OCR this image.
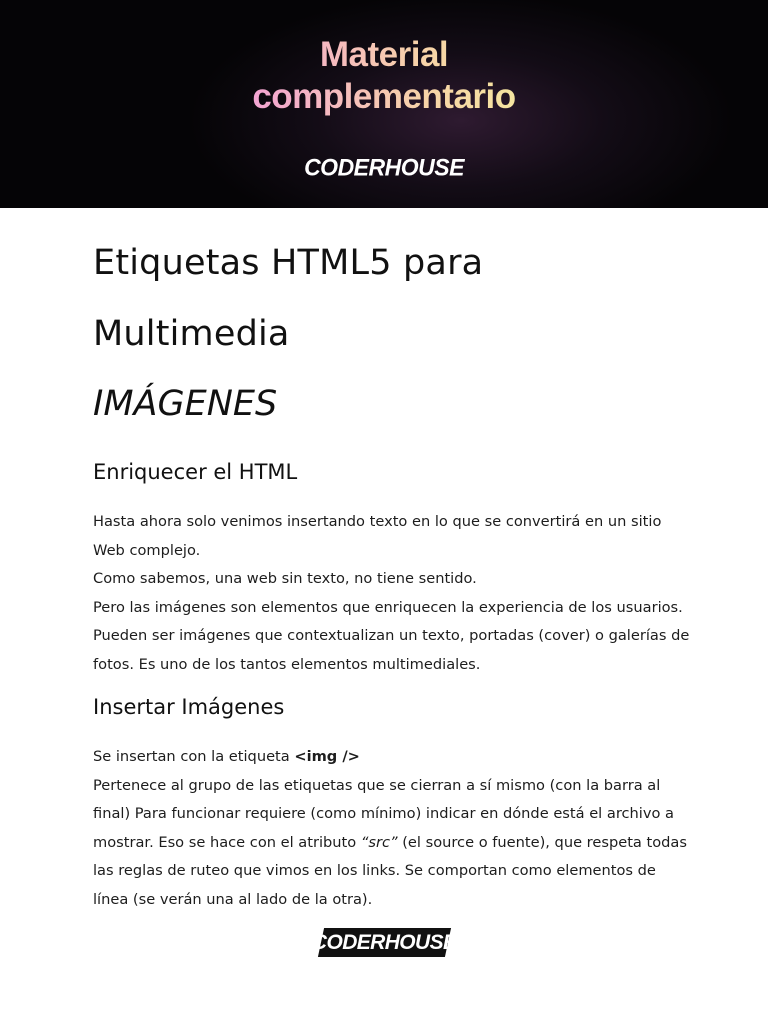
Material
complementario
CODERHOUSE
Etiquetas HTML5 para
Multimedia
IMÁGENES
Enriquecer el HTML
Hasta ahora solo venimos insertando texto en lo que se convertirá en un sitio
Web complejo.
Como sabemos, una web sin texto, no tiene sentido.
Pero las imágenes son elementos que enriquecen la experiencia de los usuarios.
Pueden ser imágenes que contextualizan un texto, portadas (cover) o galerías de
fotos. Es uno de los tantos elementos multimediales.
Insertar Imágenes
Se insertan con la etiqueta <img />
Pertenece al grupo de las etiquetas que se cierran a sí mismo (con la barra al
final) Para funcionar requiere (como mínimo) indicar en dónde está el archivo a
mostrar. Eso se hace con el atributo “src” (el source o fuente), que respeta todas
las reglas de ruteo que vimos en los links. Se comportan como elementos de
línea (se verán una al lado de la otra).
CODERHOUSE
